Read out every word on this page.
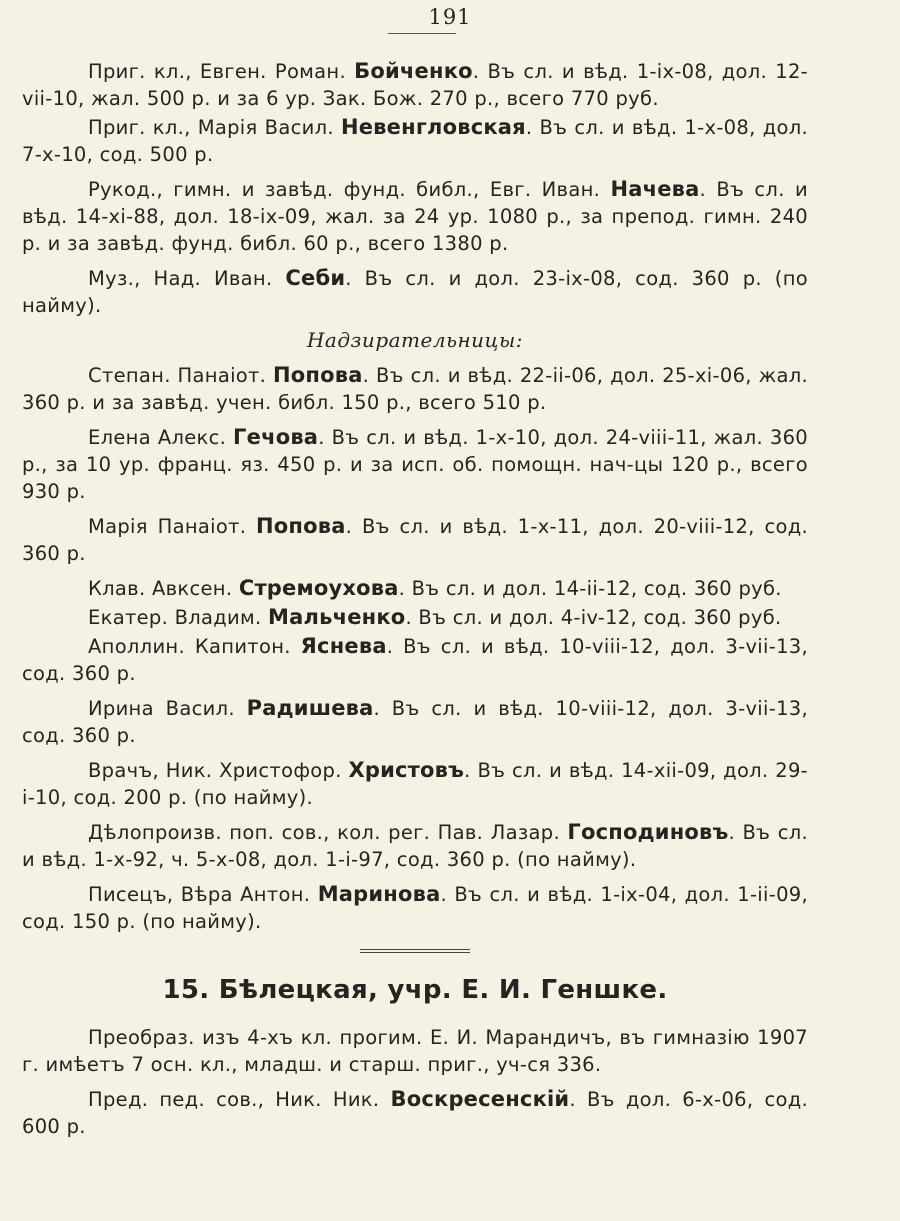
191

Приг. кл., Евген. Роман. Бойченко. Въ сл. и вѣд. 1-ix-08, дол. 12-vii-10, жал. 500 р. и за 6 ур. Зак. Бож. 270 р., всего 770 руб.

Приг. кл., Марія Васил. Невенгловская. Въ сл. и вѣд. 1-x-08, дол. 7-x-10, сод. 500 р.

Рукод., гимн. и завѣд. фунд. библ., Евг. Иван. Начева. Въ сл. и вѣд. 14-xi-88, дол. 18-ix-09, жал. за 24 ур. 1080 р., за препод. гимн. 240 р. и за завѣд. фунд. библ. 60 р., всего 1380 р.

Муз., Над. Иван. Себи. Въ сл. и дол. 23-ix-08, сод. 360 р. (по найму).

Надзирательницы:

Степан. Панаіот. Попова. Въ сл. и вѣд. 22-ii-06, дол. 25-xi-06, жал. 360 р. и за завѣд. учен. библ. 150 р., всего 510 р.

Елена Алекс. Гечова. Въ сл. и вѣд. 1-x-10, дол. 24-viii-11, жал. 360 р., за 10 ур. франц. яз. 450 р. и за исп. об. помощн. нач-цы 120 р., всего 930 р.

Марія Панаіот. Попова. Въ сл. и вѣд. 1-x-11, дол. 20-viii-12, сод. 360 р.

Клав. Авксен. Стремоухова. Въ сл. и дол. 14-ii-12, сод. 360 руб.

Екатер. Владим. Мальченко. Въ сл. и дол. 4-iv-12, сод. 360 руб.

Аполлин. Капитон. Яснева. Въ сл. и вѣд. 10-viii-12, дол. 3-vii-13, сод. 360 р.

Ирина Васил. Радишева. Въ сл. и вѣд. 10-viii-12, дол. 3-vii-13, сод. 360 р.

Врачъ, Ник. Христофор. Христовъ. Въ сл. и вѣд. 14-xii-09, дол. 29-i-10, сод. 200 р. (по найму).

Дѣлопроизв. поп. сов., кол. рег. Пав. Лазар. Господиновъ. Въ сл. и вѣд. 1-x-92, ч. 5-x-08, дол. 1-i-97, сод. 360 р. (по найму).

Писецъ, Вѣра Антон. Маринова. Въ сл. и вѣд. 1-ix-04, дол. 1-ii-09, сод. 150 р. (по найму).

15. Бѣлецкая, учр. Е. И. Геншке.

Преобраз. изъ 4-хъ кл. прогим. Е. И. Марандичъ, въ гимназію 1907 г. имѣетъ 7 осн. кл., младш. и старш. приг., уч-ся 336.

Пред. пед. сов., Ник. Ник. Воскресенскій. Въ дол. 6-x-06, сод. 600 р.
